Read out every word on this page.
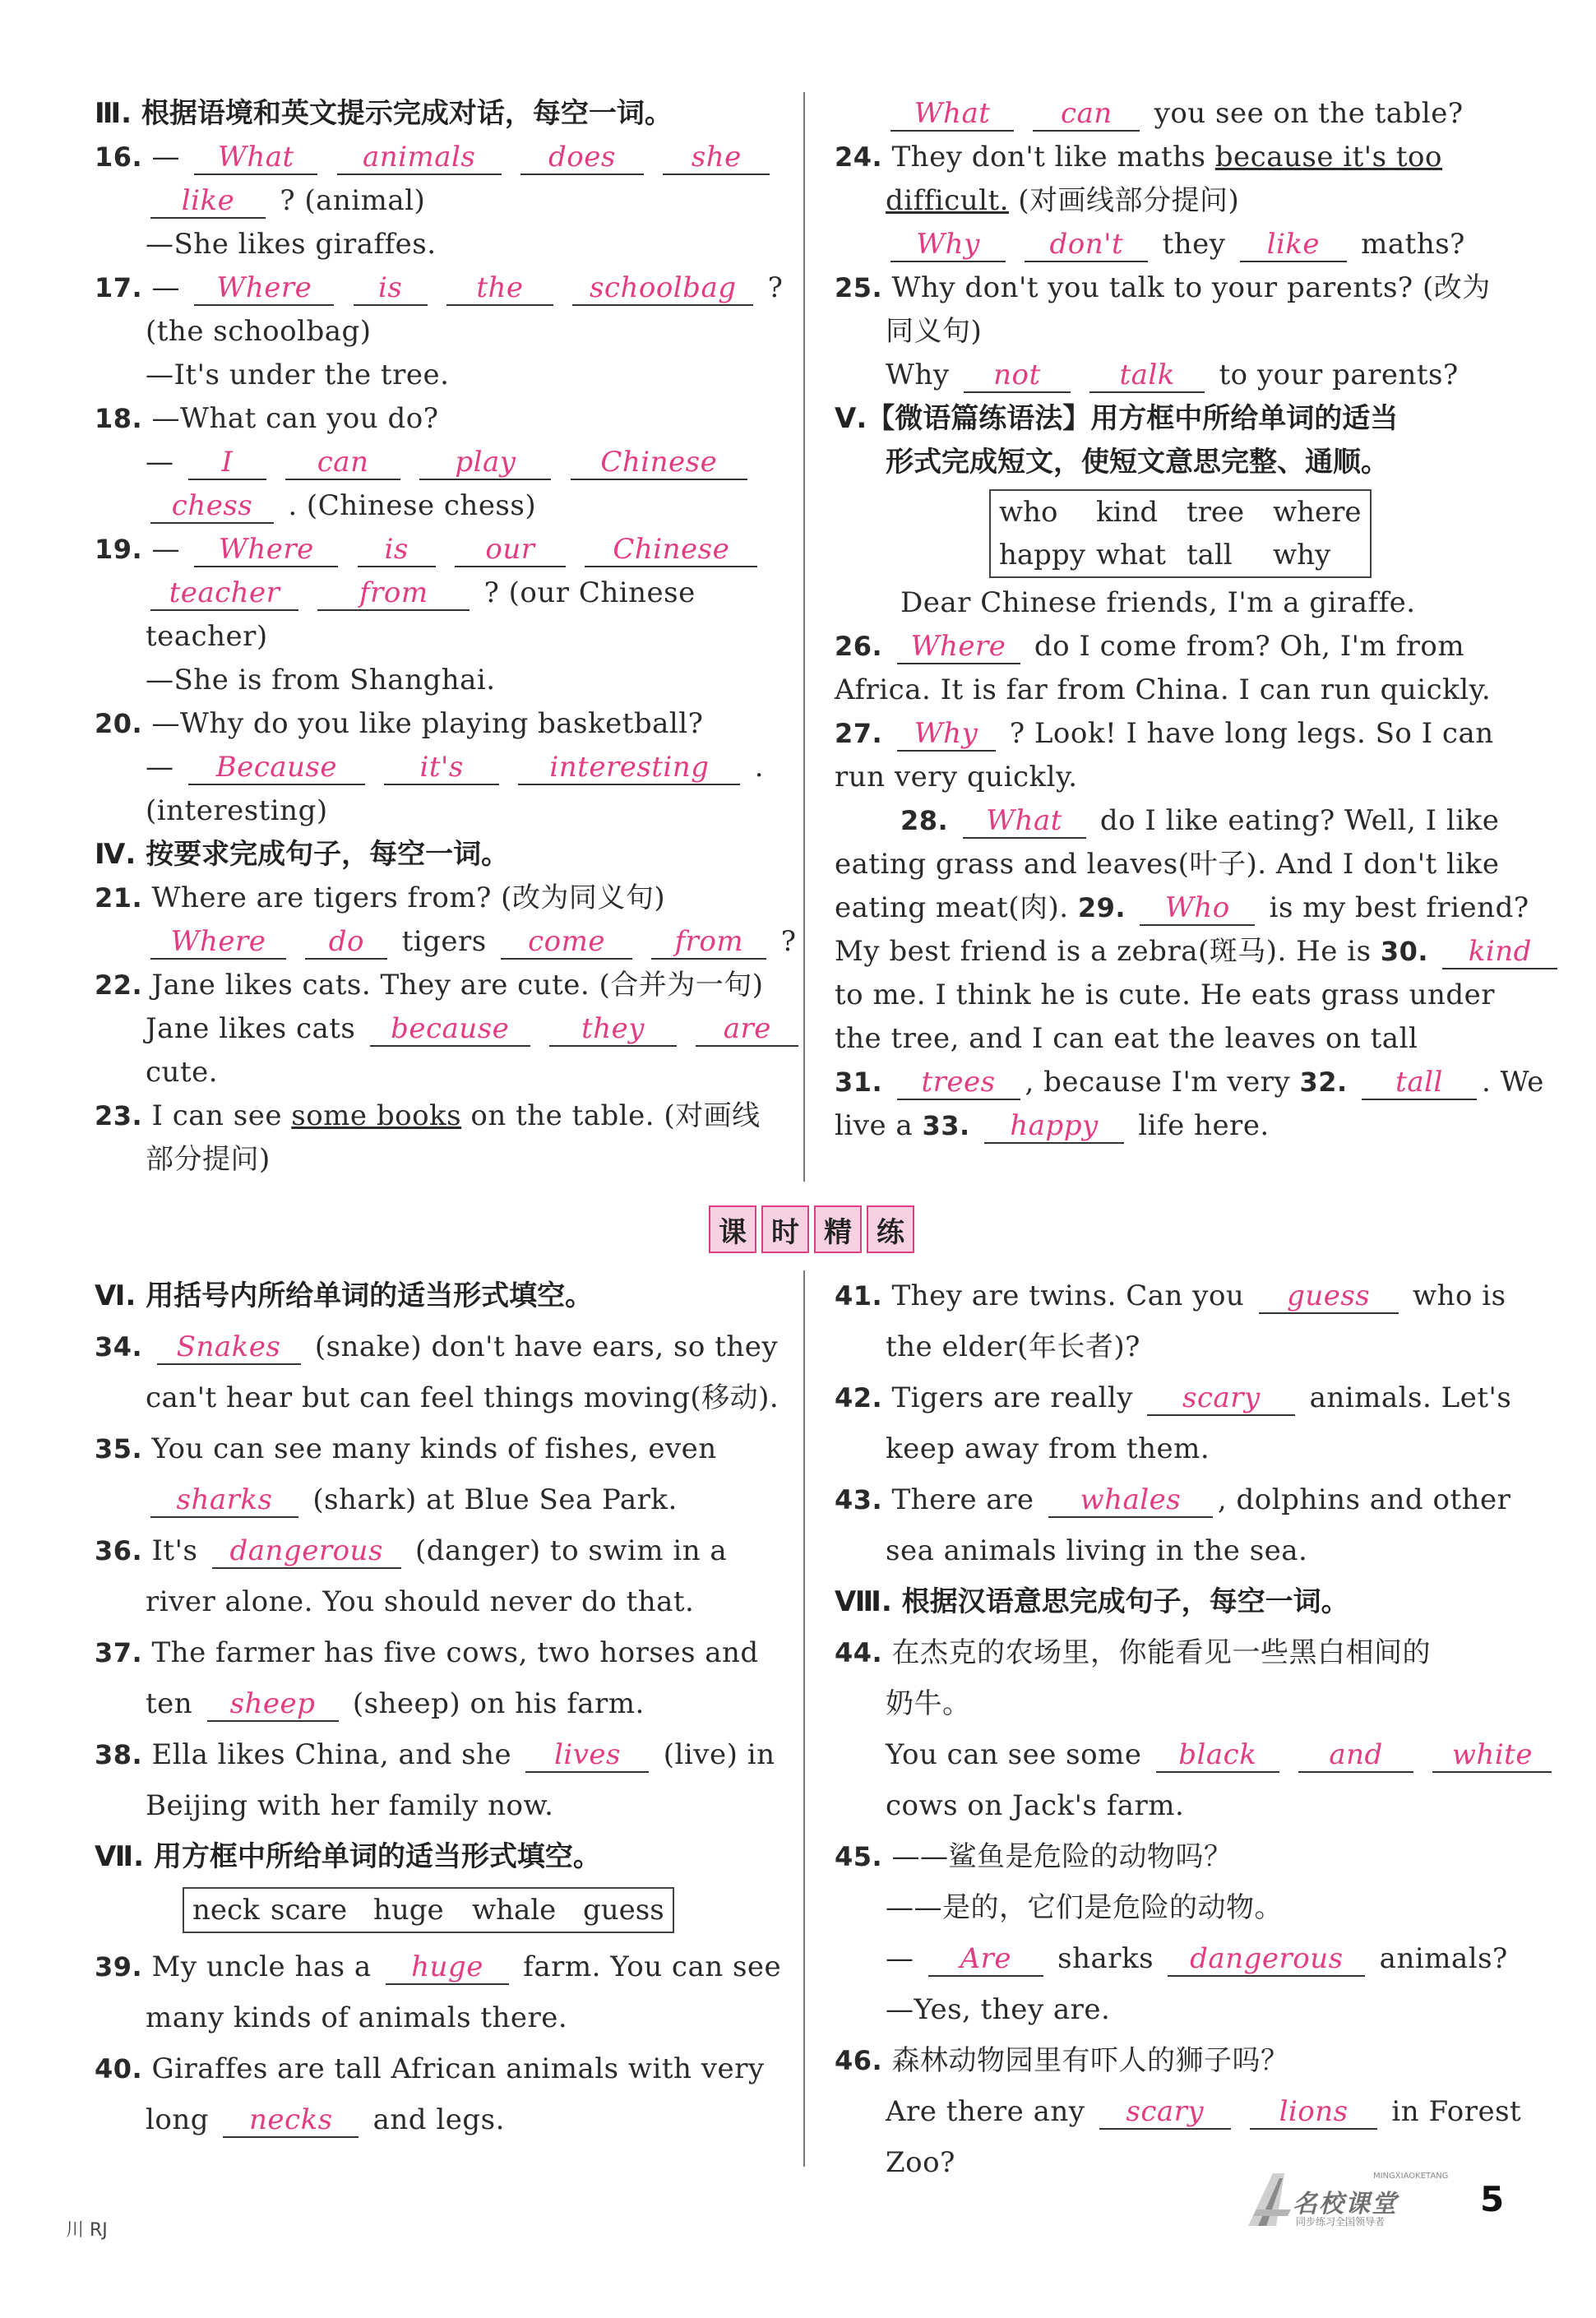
Ⅲ. 根据语境和英文提示完成对话，每空一词。
16. — What animals	does	she
like ? (animal)
—She likes giraffes.
17. — Where is	the schoolbag ?
(the schoolbag)
—It's under the tree.
18. —What can you do?
— I	can	play	Chinese
chess . (Chinese chess)
19. — Where	is	our	Chinese
teacher	from ? (our Chinese
teacher)
—She is from Shanghai.
20. —Why do you like playing basketball?
— Because	it's	interesting .
(interesting)
Ⅳ. 按要求完成句子，每空一词。
21. Where are tigers from? (改为同义句)
Where do tigers come from ?
22. Jane likes cats. They are cute. (合并为一句)
Jane likes cats because	they	are
cute.
23. I can see some books on the table. (对画线
部分提问)
What	can you see on the table?
24. They don't like maths because it's too
difficult. (对画线部分提问)
Why don't they like maths?
25. Why don't you talk to your parents? (改为
同义句)
Why not	talk to your parents?
Ⅴ.【微语篇练语法】用方框中所给单词的适当
形式完成短文，使短文意思完整、通顺。
who kind tree where
happy what tall why
Dear Chinese friends, I'm a giraffe.
26. Where do I come from? Oh, I'm from
Africa. It is far from China. I can run quickly.
27. Why ? Look! I have long legs. So I can
run very quickly.
28. What do I like eating? Well, I like
eating grass and leaves(叶子). And I don't like
eating meat(肉). 29. Who is my best friend?
My best friend is a zebra(斑马). He is 30. kind
to me. I think he is cute. He eats grass under
the tree, and I can eat the leaves on tall
31. trees , because I'm very 32. tall . We
live a 33. happy life here.
课 时 精 练
Ⅵ. 用括号内所给单词的适当形式填空。
34. Snakes (snake) don't have ears, so they
can't hear but can feel things moving(移动).
35. You can see many kinds of fishes, even
sharks (shark) at Blue Sea Park.
36. It's dangerous (danger) to swim in a
river alone. You should never do that.
37. The farmer has five cows, two horses and
ten sheep (sheep) on his farm.
38. Ella likes China, and she lives (live) in
Beijing with her family now.
Ⅶ. 用方框中所给单词的适当形式填空。
neck scare huge whale guess
39. My uncle has a huge farm. You can see
many kinds of animals there.
40. Giraffes are tall African animals with very
long necks and legs.
41. They are twins. Can you guess who is
the elder(年长者)?
42. Tigers are really scary animals. Let's
keep away from them.
43. There are whales , dolphins and other
sea animals living in the sea.
Ⅷ. 根据汉语意思完成句子，每空一词。
44. 在杰克的农场里，你能看见一些黑白相间的
奶牛。
You can see some black	and white
cows on Jack's farm.
45. ——鲨鱼是危险的动物吗？
——是的，它们是危险的动物。
— Are sharks dangerous animals?
—Yes, they are.
46. 森林动物园里有吓人的狮子吗？
Are there any scary	lions in Forest
Zoo?
川 RJ
名校课堂
MINGXIAOKETANG
同步练习全国领导者
5
